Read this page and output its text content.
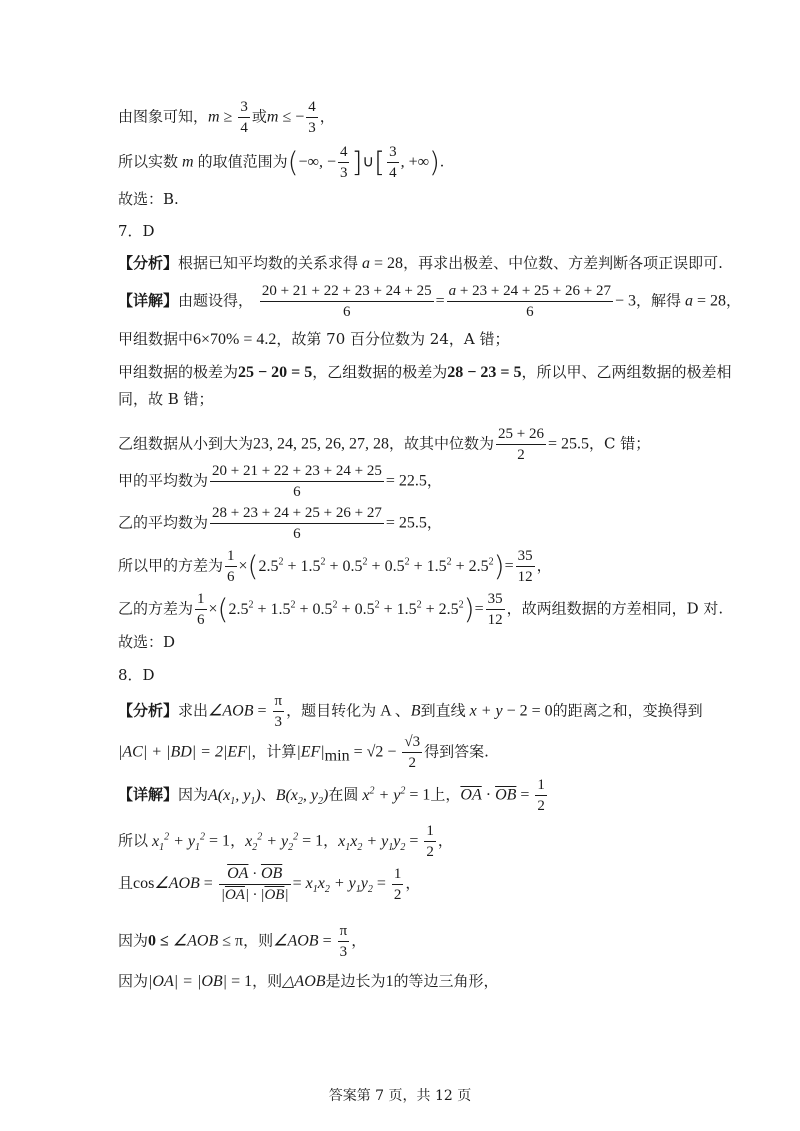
由图象可知，$m \ge \frac{3}{4}$ 或m ≤ − $\frac{4}{3}$ ，
所以实数 m 的取值范围为(−∞, − $\frac{4}{3}$ ]∪[ $\frac{3}{4}$ , +∞).
故选：B.
7．D
【分析】根据已知平均数的关系求得 a = 28，再求出极差、中位数、方差判断各项正误即可.
【详解】由题设得， $\frac{20 + 21 + 22 + 23 + 24 + 25}{6} = \frac{a + 23 + 24 + 25 + 26 + 27}{6} - 3$，解得 a = 28，
甲组数据中6×70% = 4.2，故第 70 百分位数为 24，A 错；
甲组数据的极差为25 − 20 = 5，乙组数据的极差为28 − 23 = 5，所以甲、乙两组数据的极差相
同，故 B 错；
乙组数据从小到大为23, 24, 25, 26, 27, 28，故其中位数为 $\frac{25 + 26}{2} = 25.5$，C 错；
甲的平均数为 $\frac{20 + 21 + 22 + 23 + 24 + 25}{6} = 22.5$，
乙的平均数为 $\frac{28 + 23 + 24 + 25 + 26 + 27}{6} = 25.5$，
所以甲的方差为 $\frac{1}{6} \times(2.5^2 + 1.5^2 + 0.5^2 + 0.5^2 + 1.5^2 + 2.5^2)= \frac{35}{12}$ ，
乙的方差为 $\frac{1}{6} \times(2.5^2 + 1.5^2 + 0.5^2 + 0.5^2 + 1.5^2 + 2.5^2)= \frac{35}{12}$ ，故两组数据的方差相同，D 对.
故选：D
8．D
【分析】求出∠AOB = $\frac{\pi}{3}$ ，题目转化为 A 、B到直线 x + y − 2 = 0的距离之和，变换得到
|AC| + |BD| = 2|EF|，计算$|EF|_{min} = √2 - \frac{√3}{2}$ 得到答案.
【详解】因为$A(x_1$, $y_1$)、$B(x_2$, $y_2$)在圆 $x^2 + y^2 = 1$上，$\overline{OA} \cdot \overline{OB} = \frac{1}{2}$
所以 $x_1^2 + y_1^2 = 1$，$x_2^2 + y_2^2 = 1$，$x_1x_2 + y_1y_2 = \frac{1}{2}$ ，
且cos∠AOB = $\frac{\overline{OA} \cdot \overline{OB}}{|\overline{OA}| \cdot |\overline{OB}|} = x_1x_2 + y_1y_2 = \frac{1}{2}$ ，
因为0 ≤ ∠AOB ≤ π，则∠AOB = $\frac{\pi}{3}$ ，
因为|OA| = |OB| = 1，则△AOB是边长为1的等边三角形，
答案第 7 页，共 12 页
